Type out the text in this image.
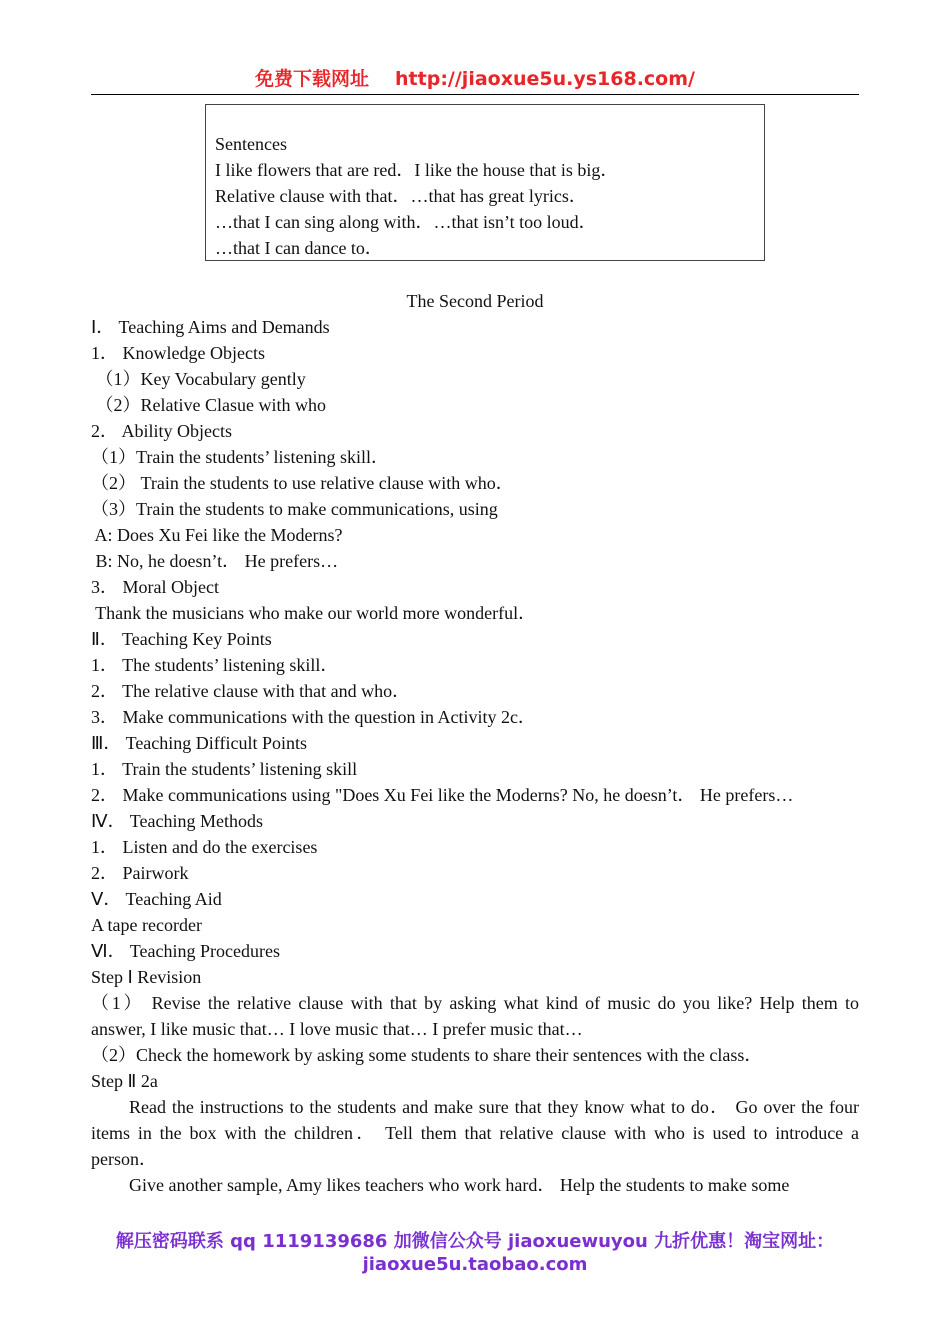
免费下载网址 http://jiaoxue5u.ys168.com/
Sentences
I like flowers that are red．I like the house that is big．
Relative clause with that．…that has great lyrics．
…that I can sing along with．…that isn’t too loud．
…that I can dance to．
The Second Period
Ⅰ． Teaching Aims and Demands
1． Knowledge Objects
（1）Key Vocabulary gently
（2）Relative Clasue with who
2． Ability Objects
（1）Train the students’ listening skill．
（2） Train the students to use relative clause with who．
（3）Train the students to make communications, using
A: Does Xu Fei like the Moderns?
B: No, he doesn’t． He prefers…
3． Moral Object
Thank the musicians who make our world more wonderful．
Ⅱ． Teaching Key Points
1． The students’ listening skill．
2． The relative clause with that and who．
3． Make communications with the question in Activity 2c．
Ⅲ． Teaching Difficult Points
1． Train the students’ listening skill
2． Make communications using "Does Xu Fei like the Moderns? No, he doesn’t． He prefers…
Ⅳ． Teaching Methods
1． Listen and do the exercises
2． Pairwork
Ⅴ． Teaching Aid
A tape recorder
Ⅵ． Teaching Procedures
Step Ⅰ Revision
（1） Revise the relative clause with that by asking what kind of music do you like? Help them to answer, I like music that… I love music that… I prefer music that…
（2）Check the homework by asking some students to share their sentences with the class．
Step Ⅱ 2a
Read the instructions to the students and make sure that they know what to do． Go over the four items in the box with the children． Tell them that relative clause with who is used to introduce a person．
Give another sample, Amy likes teachers who work hard． Help the students to make some
解压密码联系 qq 1119139686 加微信公众号 jiaoxuewuyou 九折优惠！淘宝网址：
jiaoxue5u.taobao.com
